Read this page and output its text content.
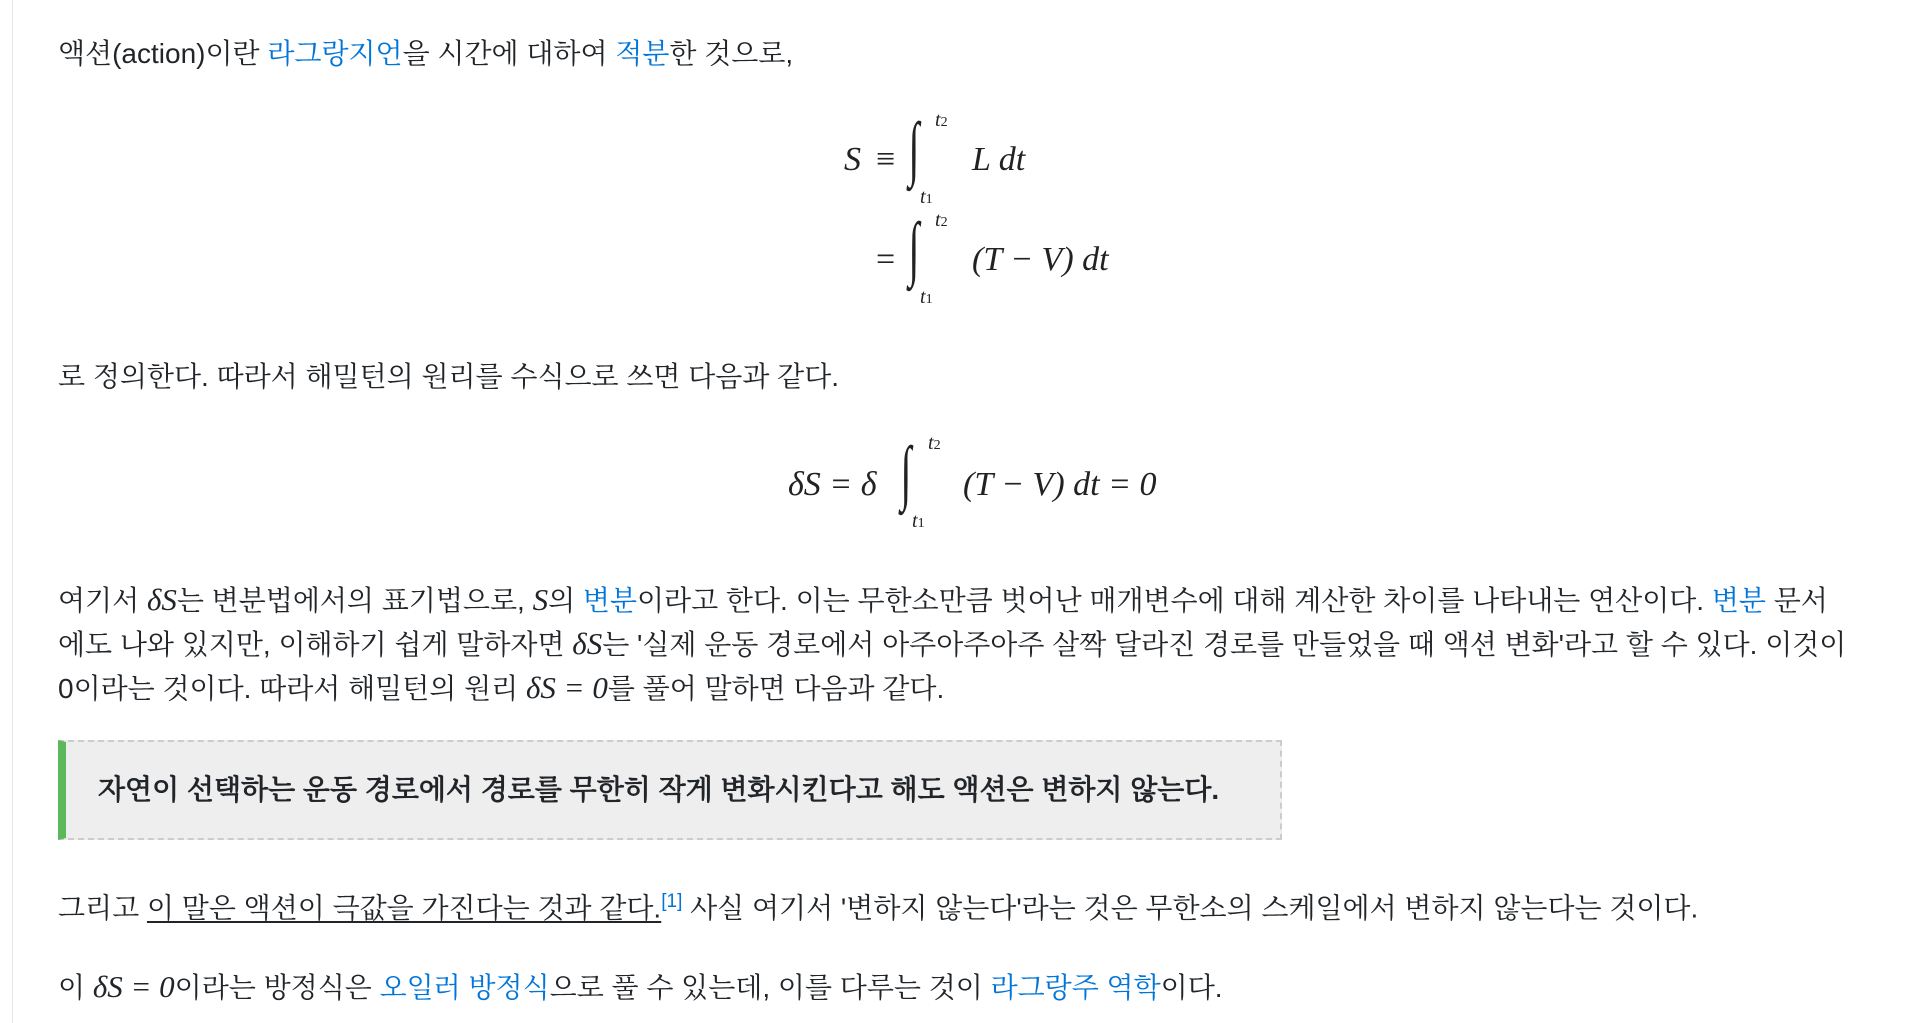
액션(action)이란 라그랑지언을 시간에 대하여 적분한 것으로,
S ≡ ∫ t2
t1
L dt
= ∫ t2
t1
(T − V) dt
로 정의한다. 따라서 해밀턴의 원리를 수식으로 쓰면 다음과 같다.
δS = δ ∫ t2
t1
(T − V) dt = 0
여기서 δS는 변분법에서의 표기법으로, S의 변분이라고 한다. 이는 무한소만큼 벗어난 매개변수에 대해 계산한 차이를 나타내는 연산이다. 변분 문서
에도 나와 있지만, 이해하기 쉽게 말하자면 δS는 '실제 운동 경로에서 아주아주아주 살짝 달라진 경로를 만들었을 때 액션 변화'라고 할 수 있다. 이것이
0이라는 것이다. 따라서 해밀턴의 원리 δS = 0를 풀어 말하면 다음과 같다.
자연이 선택하는 운동 경로에서 경로를 무한히 작게 변화시킨다고 해도 액션은 변하지 않는다.
그리고 이 말은 액션이 극값을 가진다는 것과 같다.[1] 사실 여기서 '변하지 않는다'라는 것은 무한소의 스케일에서 변하지 않는다는 것이다.
이 δS = 0이라는 방정식은 오일러 방정식으로 풀 수 있는데, 이를 다루는 것이 라그랑주 역학이다.
